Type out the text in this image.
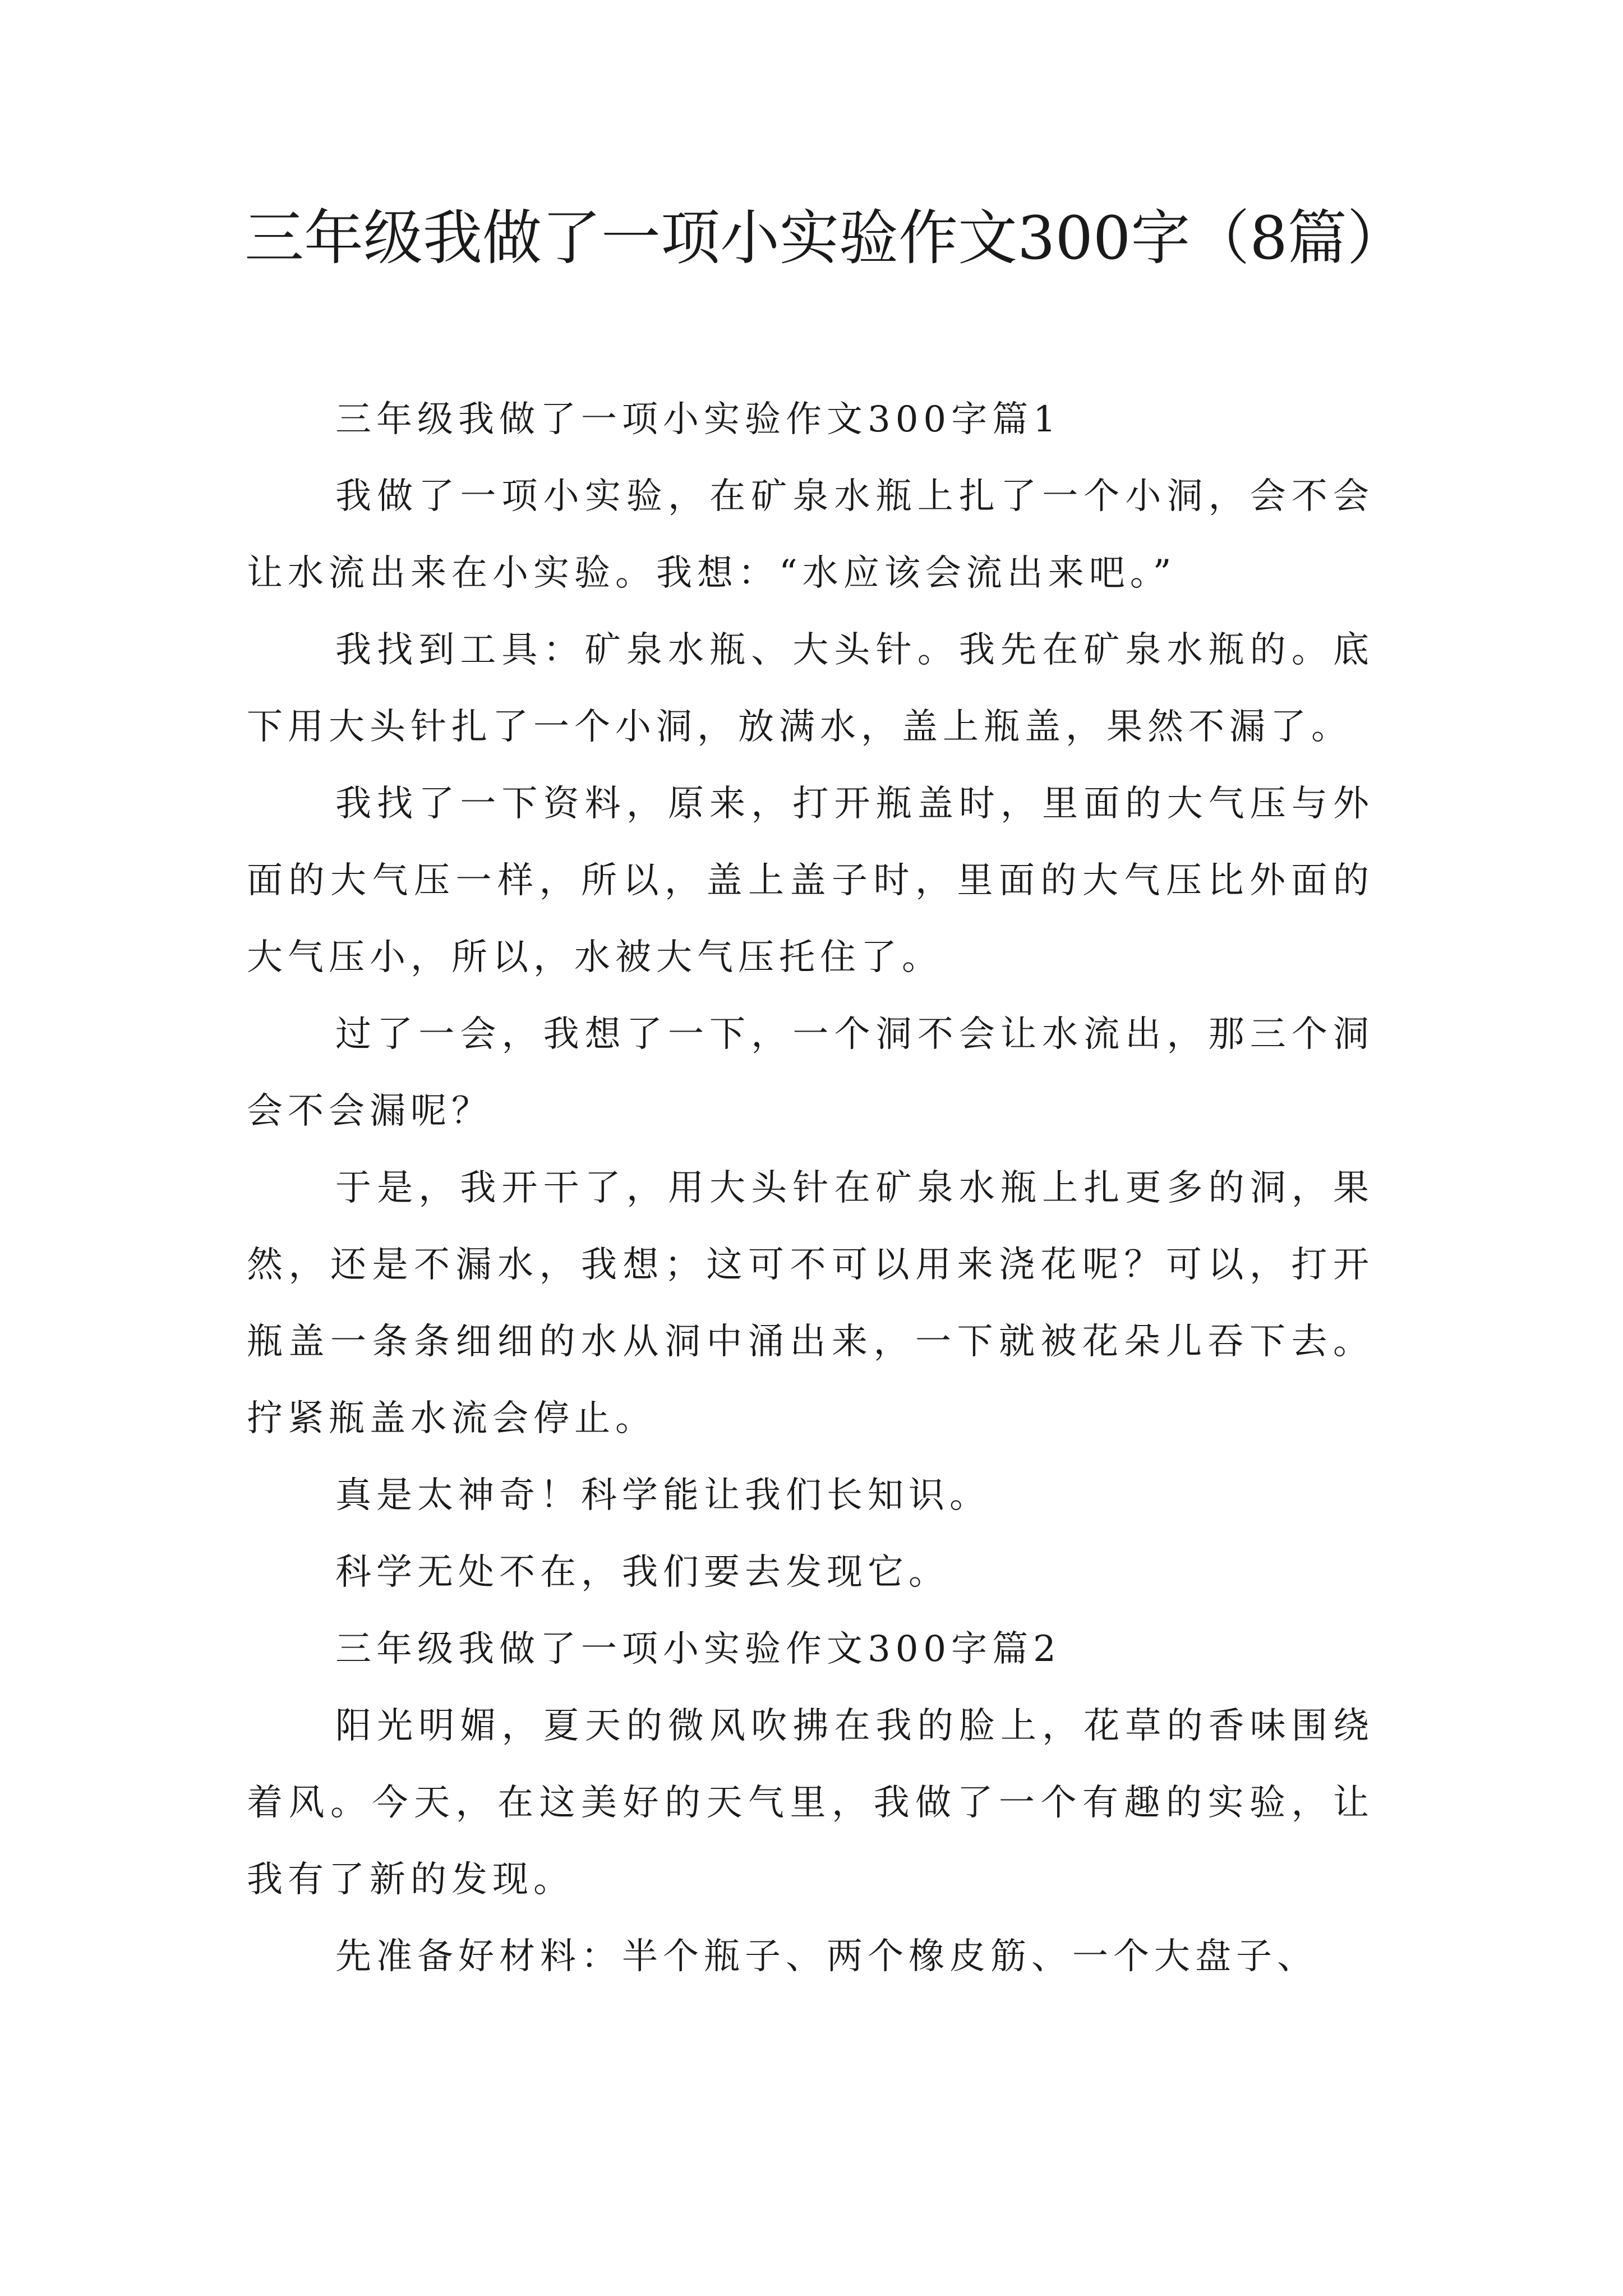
三年级我做了一项小实验作文300字（8篇）

三年级我做了一项小实验作文300字篇1

我做了一项小实验，在矿泉水瓶上扎了一个小洞，会不会让水流出来在小实验。我想：“水应该会流出来吧。”

我找到工具：矿泉水瓶、大头针。我先在矿泉水瓶的。底下用大头针扎了一个小洞，放满水，盖上瓶盖，果然不漏了。

我找了一下资料，原来，打开瓶盖时，里面的大气压与外面的大气压一样，所以，盖上盖子时，里面的大气压比外面的大气压小，所以，水被大气压托住了。

过了一会，我想了一下，一个洞不会让水流出，那三个洞会不会漏呢？

于是，我开干了，用大头针在矿泉水瓶上扎更多的洞，果然，还是不漏水，我想；这可不可以用来浇花呢？可以，打开瓶盖一条条细细的水从洞中涌出来，一下就被花朵儿吞下去。拧紧瓶盖水流会停止。

真是太神奇！科学能让我们长知识。

科学无处不在，我们要去发现它。

三年级我做了一项小实验作文300字篇2

阳光明媚，夏天的微风吹拂在我的脸上，花草的香味围绕着风。今天，在这美好的天气里，我做了一个有趣的实验，让我有了新的发现。

先准备好材料：半个瓶子、两个橡皮筋、一个大盘子、
